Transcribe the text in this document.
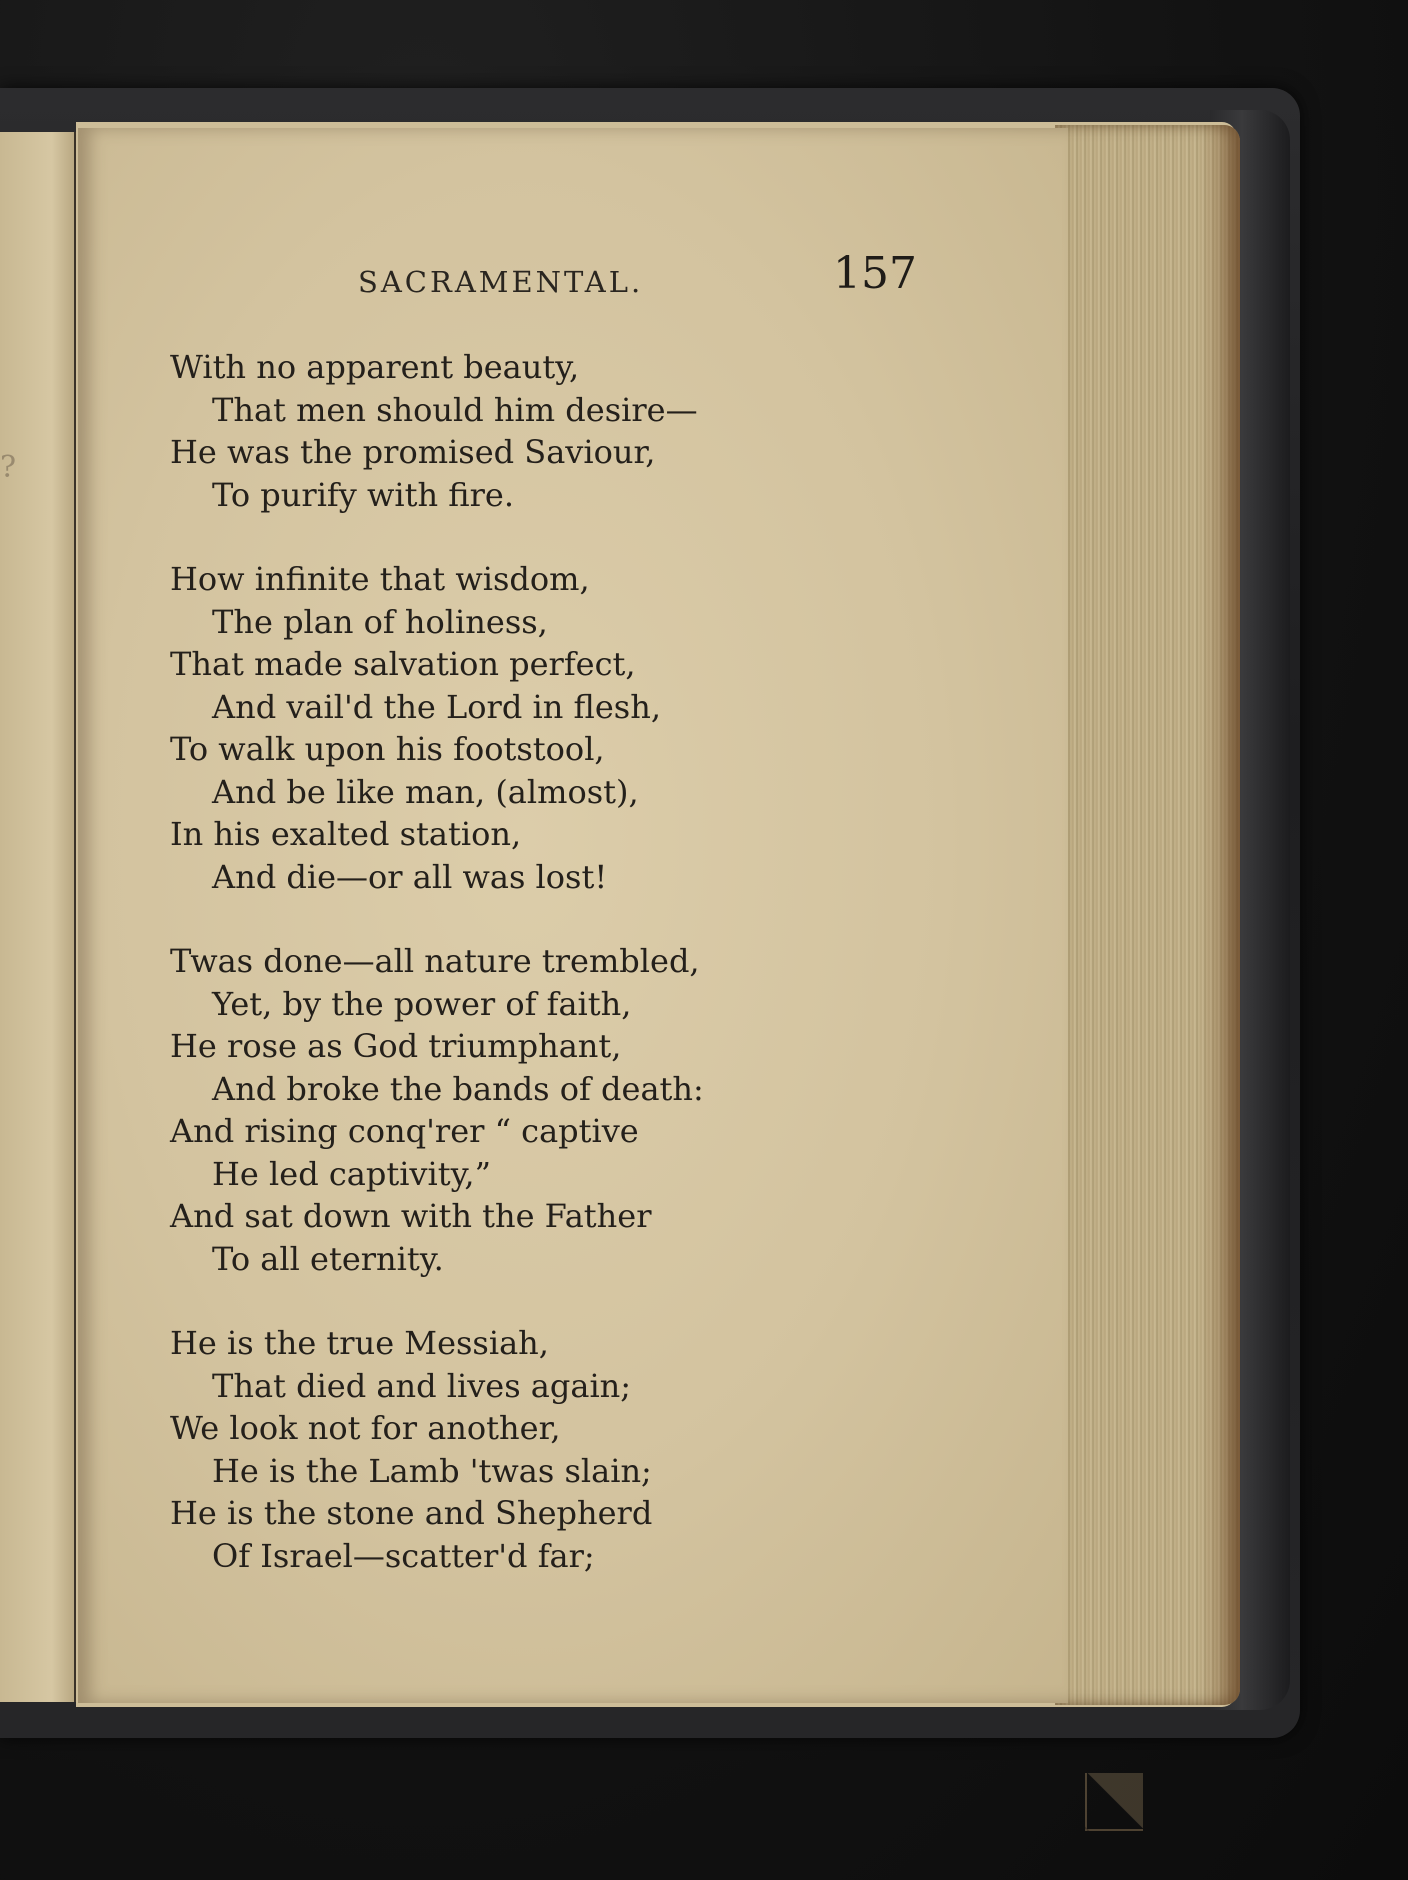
?
SACRAMENTAL.	157
With no apparent beauty,
That men should him desire—
He was the promised Saviour,
To purify with fire.
How infinite that wisdom,
The plan of holiness,
That made salvation perfect,
And vail'd the Lord in flesh,
To walk upon his footstool,
And be like man, (almost),
In his exalted station,
And die—or all was lost!
Twas done—all nature trembled,
Yet, by the power of faith,
He rose as God triumphant,
And broke the bands of death:
And rising conq'rer “ captive
He led captivity,”
And sat down with the Father
To all eternity.
He is the true Messiah,
That died and lives again;
We look not for another,
He is the Lamb 'twas slain;
He is the stone and Shepherd
Of Israel—scatter'd far;
